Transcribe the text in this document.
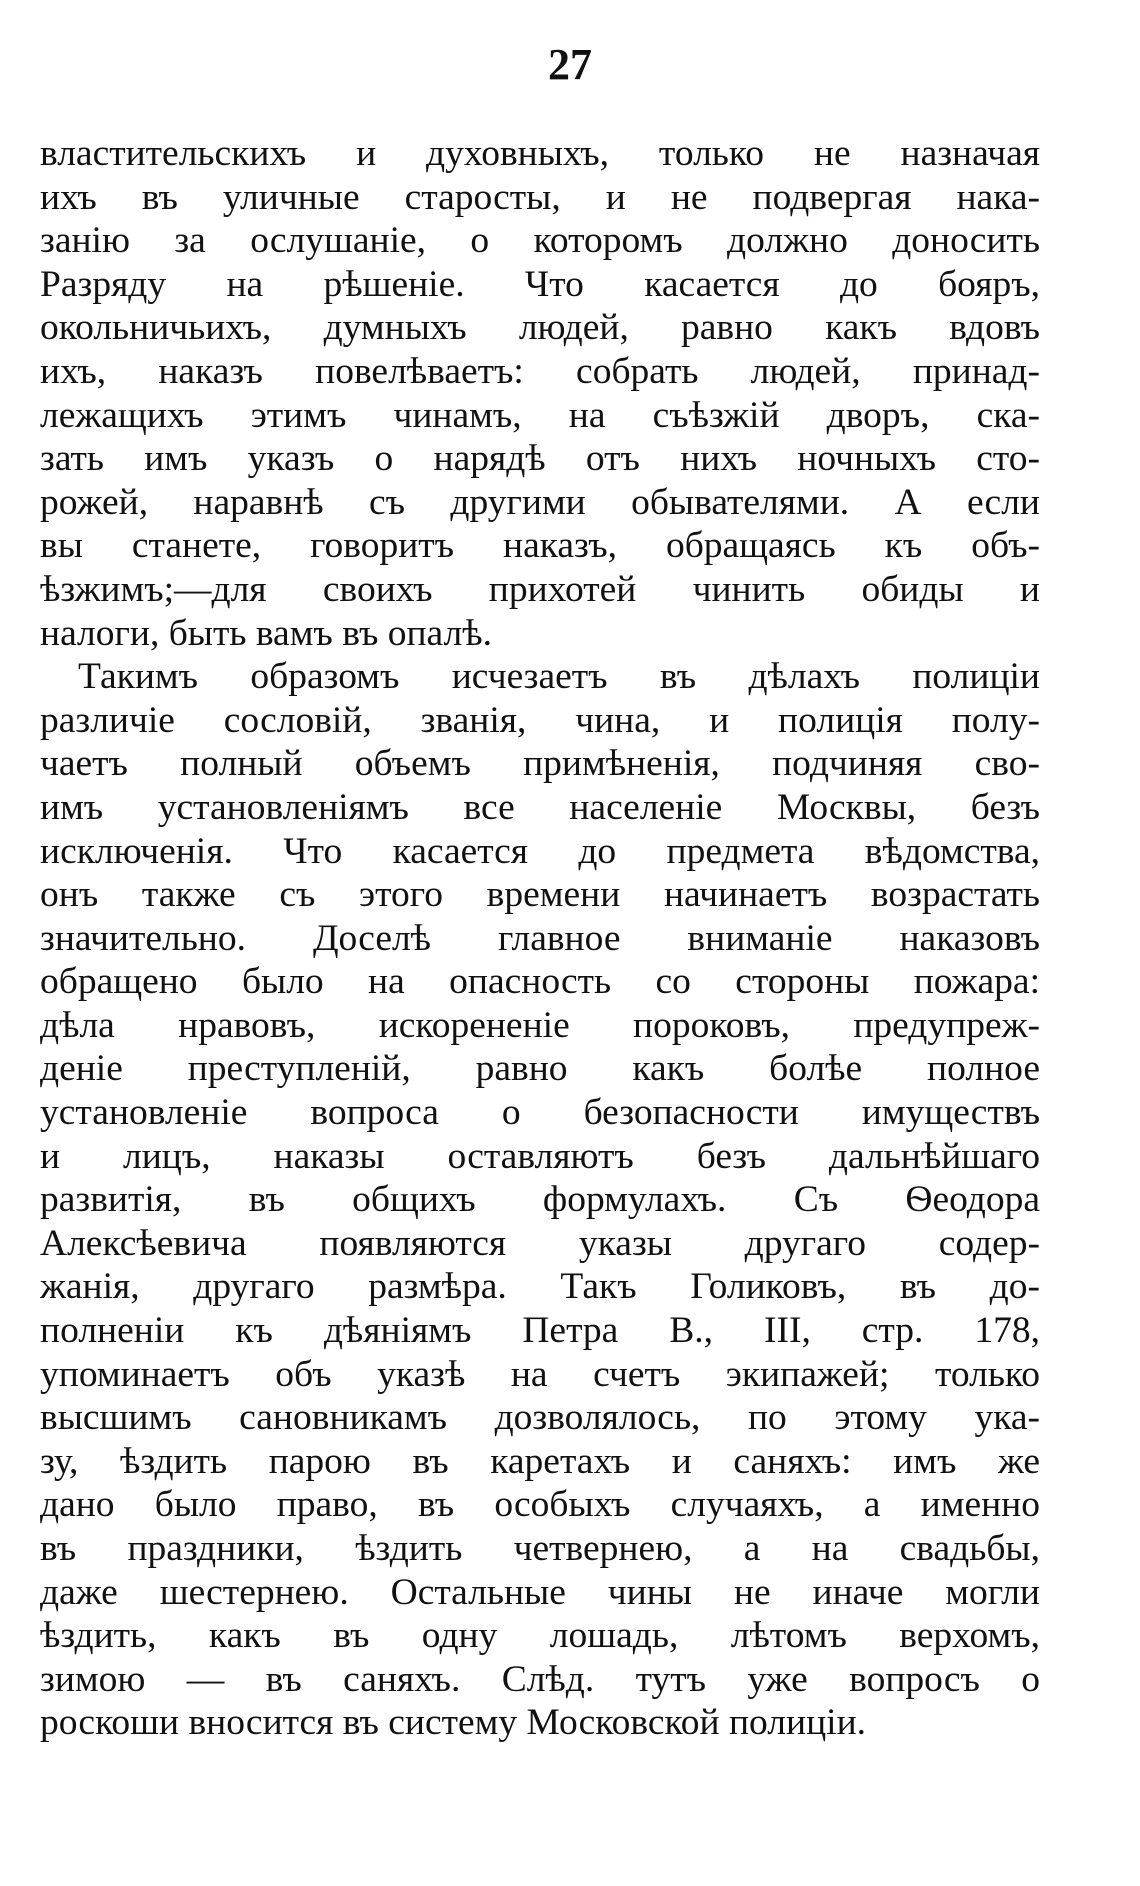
27
властительскихъ и духовныхъ, только не назначая
ихъ въ уличные старосты, и не подвергая нака-
занію за ослушаніе, о которомъ должно доносить
Разряду на рѣшеніе. Что касается до бояръ,
окольничьихъ, думныхъ людей, равно какъ вдовъ
ихъ, наказъ повелѣваетъ: собрать людей, принад-
лежащихъ этимъ чинамъ, на съѣзжій дворъ, ска-
зать имъ указъ о нарядѣ отъ нихъ ночныхъ сто-
рожей, наравнѣ съ другими обывателями. А если
вы станете, говоритъ наказъ, обращаясь къ объ-
ѣзжимъ;—для своихъ прихотей чинить обиды и
налоги, быть вамъ въ опалѣ.
Такимъ образомъ исчезаетъ въ дѣлахъ полиціи
различіе сословій, званія, чина, и полиція полу-
чаетъ полный объемъ примѣненія, подчиняя сво-
имъ установленіямъ все населеніе Москвы, безъ
исключенія. Что касается до предмета вѣдомства,
онъ также съ этого времени начинаетъ возрастать
значительно. Доселѣ главное вниманіе наказовъ
обращено было на опасность со стороны пожара:
дѣла нравовъ, искорененіе пороковъ, предупреж-
деніе преступленій, равно какъ болѣе полное
установленіе вопроса о безопасности имуществъ
и лицъ, наказы оставляютъ безъ дальнѣйшаго
развитія, въ общихъ формулахъ. Съ Ѳеодора
Алексѣевича появляются указы другаго содер-
жанія, другаго размѣра. Такъ Голиковъ, въ до-
полненіи къ дѣяніямъ Петра В., III, стр. 178,
упоминаетъ объ указѣ на счетъ экипажей; только
высшимъ сановникамъ дозволялось, по этому ука-
зу, ѣздить парою въ каретахъ и саняхъ: имъ же
дано было право, въ особыхъ случаяхъ, а именно
въ праздники, ѣздить четвернею, а на свадьбы,
даже шестернею. Остальные чины не иначе могли
ѣздить, какъ въ одну лошадь, лѣтомъ верхомъ,
зимою — въ саняхъ. Слѣд. тутъ уже вопросъ о
роскоши вносится въ систему Московской полиціи.
